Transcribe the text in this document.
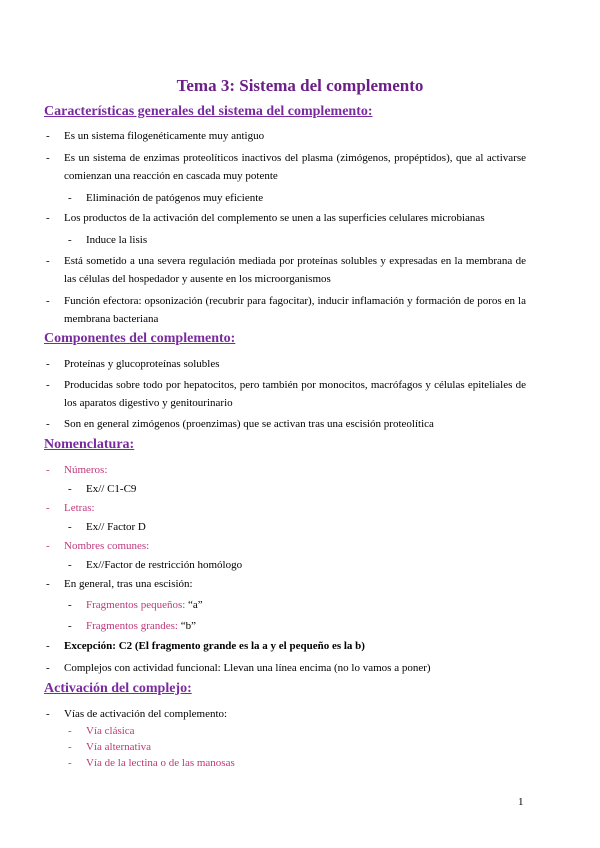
Tema 3: Sistema del complemento
Características generales del sistema del complemento:
- Es un sistema filogenéticamente muy antiguo
- Es un sistema de enzimas proteolíticos inactivos del plasma (zimógenos, propéptidos), que al activarse comienzan una reacción en cascada muy potente
- Eliminación de patógenos muy eficiente
- Los productos de la activación del complemento se unen a las superficies celulares microbianas
- Induce la lisis
- Está sometido a una severa regulación mediada por proteínas solubles y expresadas en la membrana de las células del hospedador y ausente en los microorganismos
- Función efectora: opsonización (recubrir para fagocitar), inducir inflamación y formación de poros en la membrana bacteriana
Componentes del complemento:
- Proteínas y glucoproteínas solubles
- Producidas sobre todo por hepatocitos, pero también por monocitos, macrófagos y células epiteliales de los aparatos digestivo y genitourinario
- Son en general zimógenos (proenzimas) que se activan tras una escisión proteolítica
Nomenclatura:
- Números:
- Ex// C1-C9
- Letras:
- Ex// Factor D
- Nombres comunes:
- Ex//Factor de restricción homólogo
- En general, tras una escisión:
- Fragmentos pequeños: “a”
- Fragmentos grandes: “b”
- Excepción: C2 (El fragmento grande es la a y el pequeño es la b)
- Complejos con actividad funcional: Llevan una línea encima (no lo vamos a poner)
Activación del complejo:
- Vías de activación del complemento:
- Vía clásica
- Vía alternativa
- Vía de la lectina o de las manosas
1
